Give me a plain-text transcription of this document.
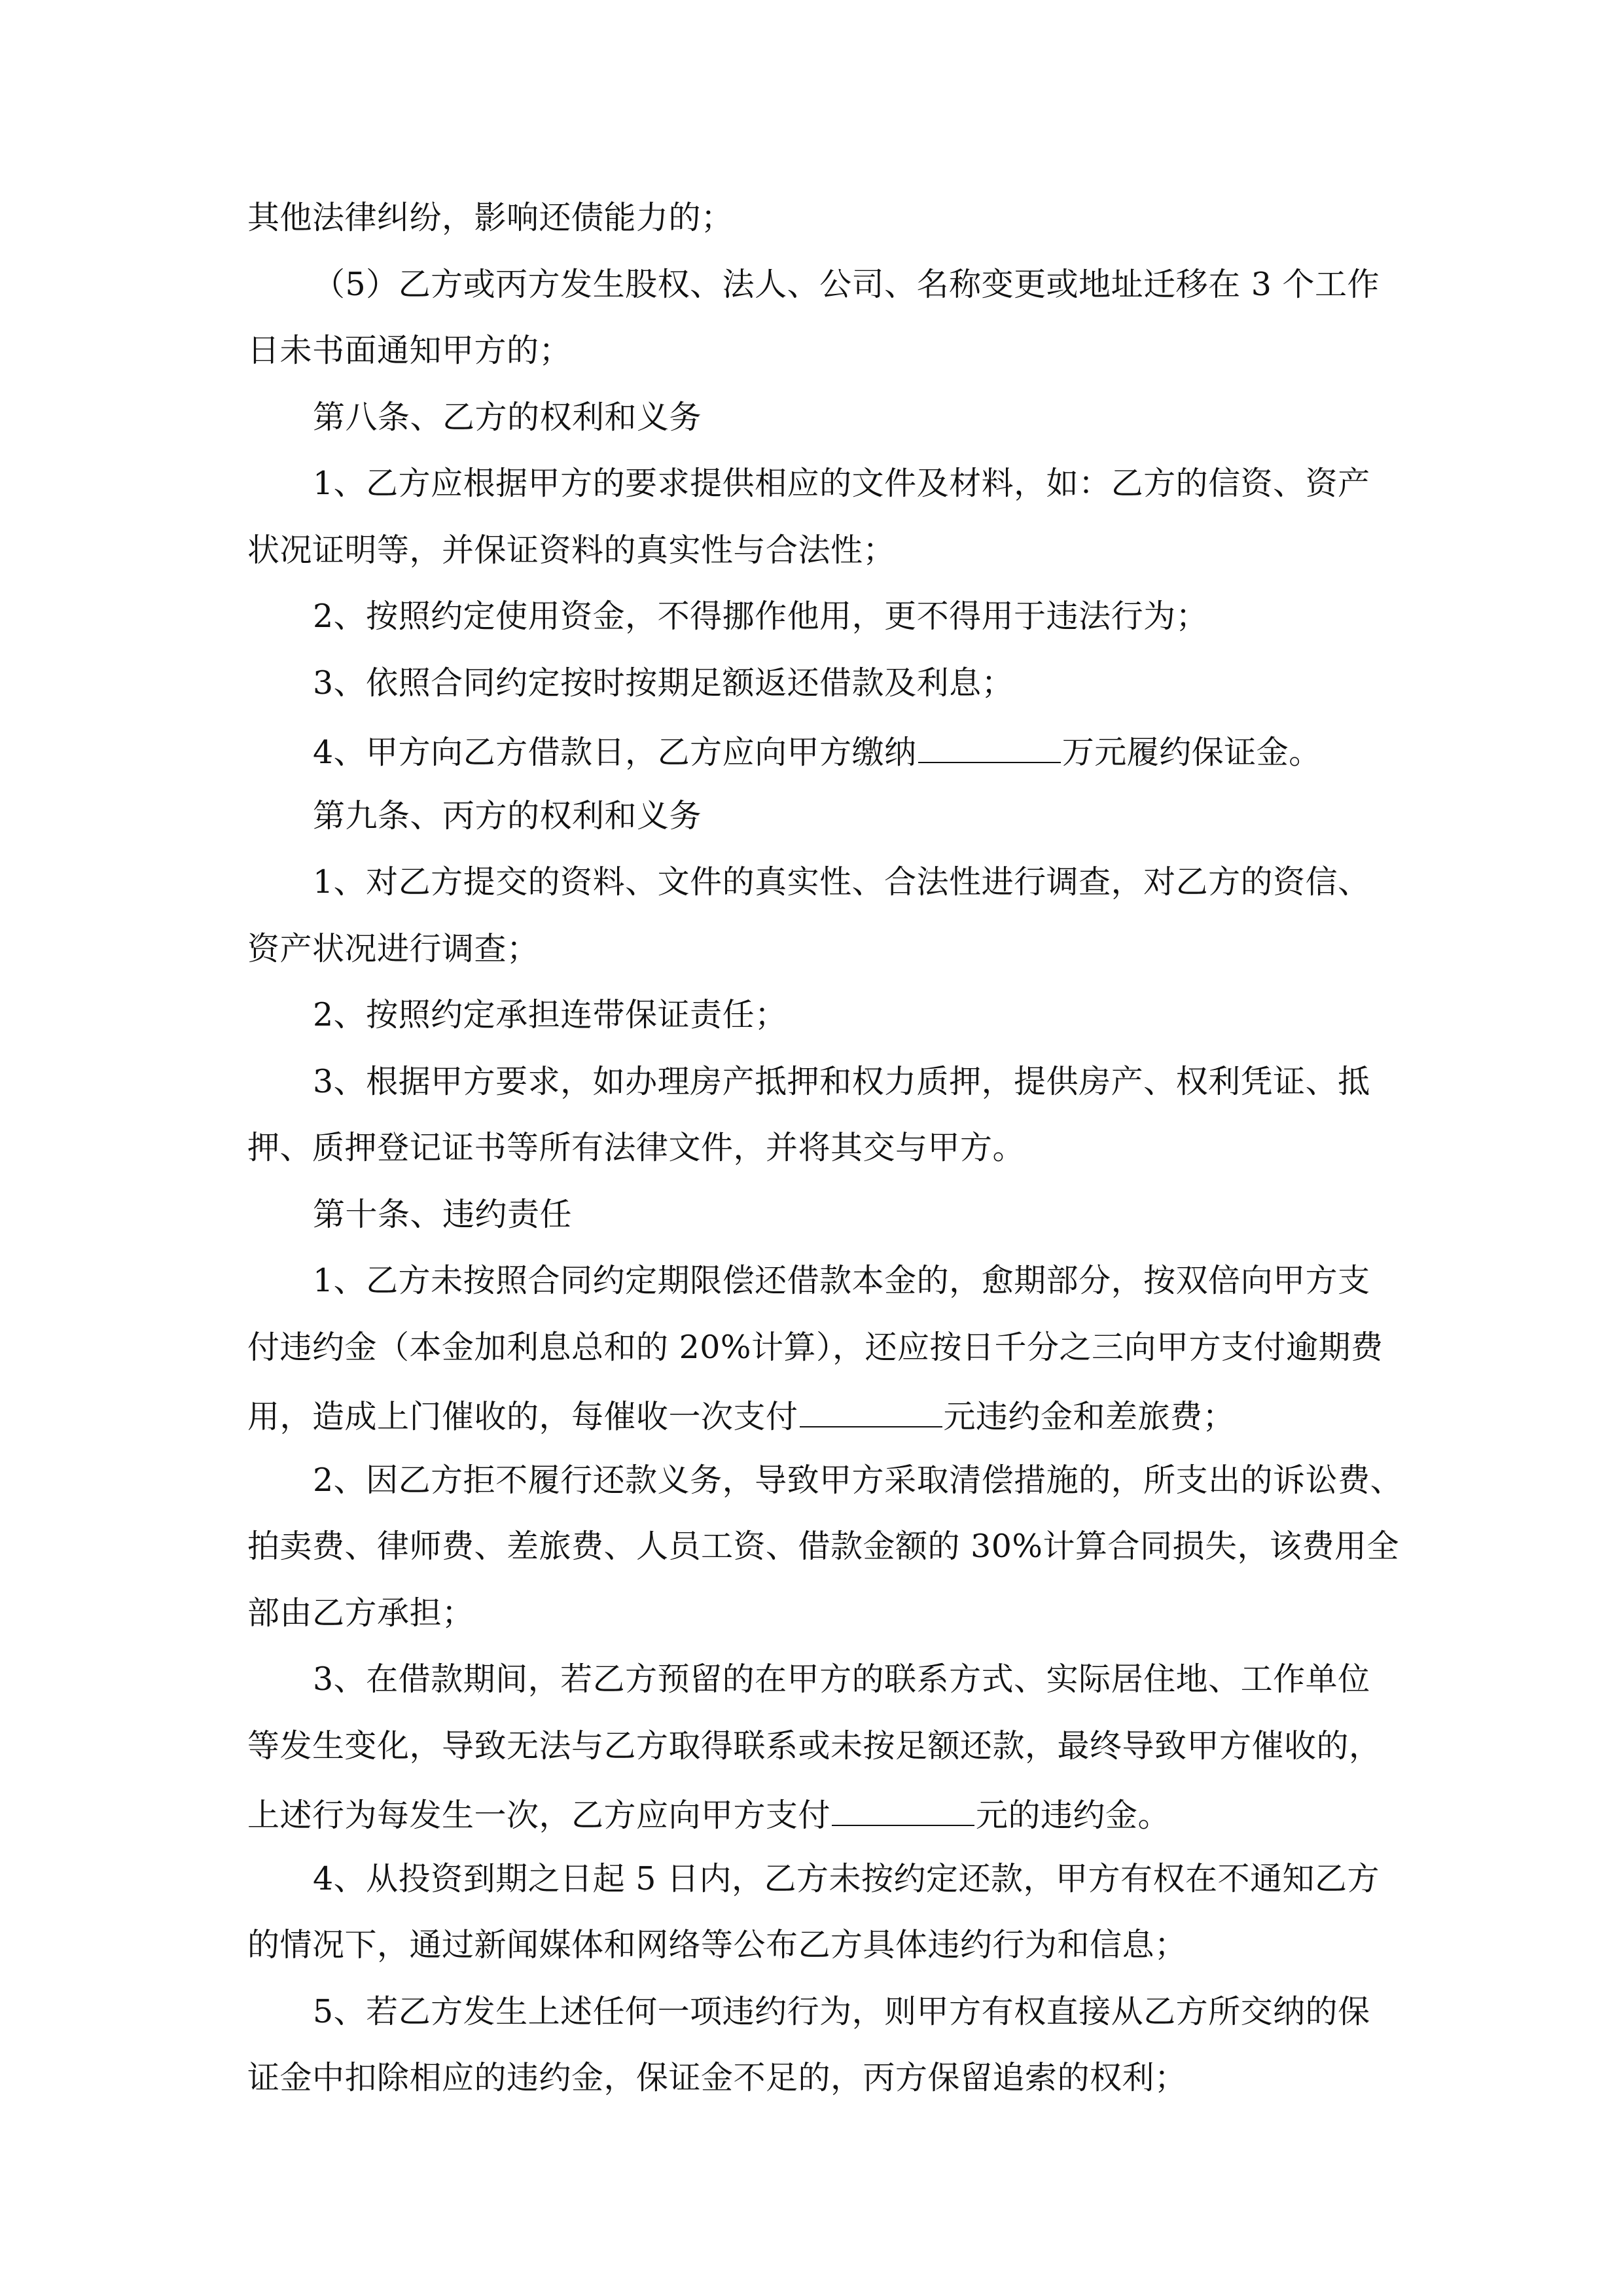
其他法律纠纷，影响还债能力的；
（5）乙方或丙方发生股权、法人、公司、名称变更或地址迁移在 3 个工作
日未书面通知甲方的；
第八条、乙方的权利和义务
1、乙方应根据甲方的要求提供相应的文件及材料，如：乙方的信资、资产
状况证明等，并保证资料的真实性与合法性；
2、按照约定使用资金，不得挪作他用，更不得用于违法行为；
3、依照合同约定按时按期足额返还借款及利息；
4、甲方向乙方借款日，乙方应向甲方缴纳	万元履约保证金。
第九条、丙方的权利和义务
1、对乙方提交的资料、文件的真实性、合法性进行调查，对乙方的资信、
资产状况进行调查；
2、按照约定承担连带保证责任；
3、根据甲方要求，如办理房产抵押和权力质押，提供房产、权利凭证、抵
押、质押登记证书等所有法律文件，并将其交与甲方。
第十条、违约责任
1、乙方未按照合同约定期限偿还借款本金的，愈期部分，按双倍向甲方支
付违约金（本金加利息总和的 20%计算），还应按日千分之三向甲方支付逾期费
用，造成上门催收的，每催收一次支付	元违约金和差旅费；
2、因乙方拒不履行还款义务，导致甲方采取清偿措施的，所支出的诉讼费、
拍卖费、律师费、差旅费、人员工资、借款金额的 30%计算合同损失，该费用全
部由乙方承担；
3、在借款期间，若乙方预留的在甲方的联系方式、实际居住地、工作单位
等发生变化，导致无法与乙方取得联系或未按足额还款，最终导致甲方催收的，
上述行为每发生一次，乙方应向甲方支付	元的违约金。
4、从投资到期之日起 5 日内，乙方未按约定还款，甲方有权在不通知乙方
的情况下，通过新闻媒体和网络等公布乙方具体违约行为和信息；
5、若乙方发生上述任何一项违约行为，则甲方有权直接从乙方所交纳的保
证金中扣除相应的违约金，保证金不足的，丙方保留追索的权利；
